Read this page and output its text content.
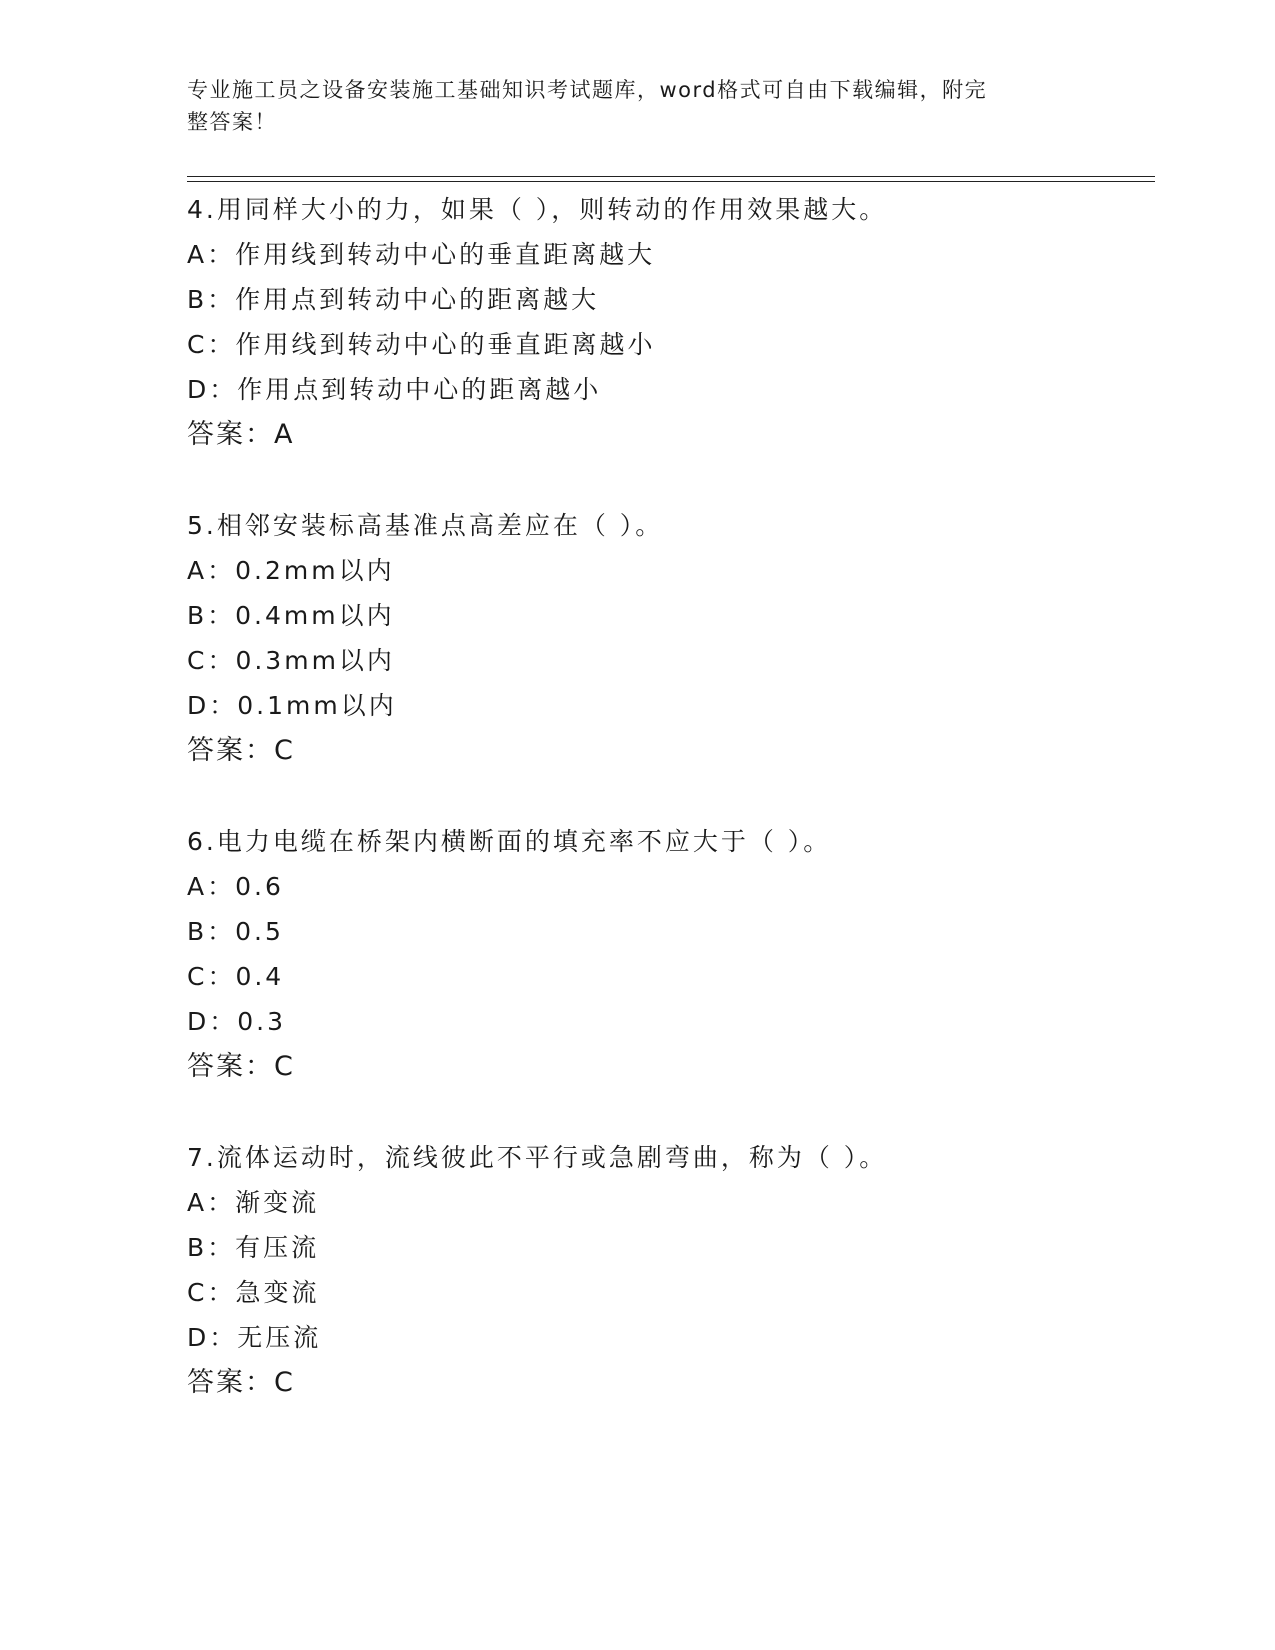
专业施工员之设备安装施工基础知识考试题库，word格式可自由下载编辑，附完
整答案！
4.用同样大小的力，如果（ ），则转动的作用效果越大。
A：作用线到转动中心的垂直距离越大
B：作用点到转动中心的距离越大
C：作用线到转动中心的垂直距离越小
D：作用点到转动中心的距离越小
答案：A
5.相邻安装标高基准点高差应在（ ）。
A：0.2mm以内
B：0.4mm以内
C：0.3mm以内
D：0.1mm以内
答案：C
6.电力电缆在桥架内横断面的填充率不应大于（ ）。
A：0.6
B：0.5
C：0.4
D：0.3
答案：C
7.流体运动时，流线彼此不平行或急剧弯曲，称为（ ）。
A：渐变流
B：有压流
C：急变流
D：无压流
答案：C
